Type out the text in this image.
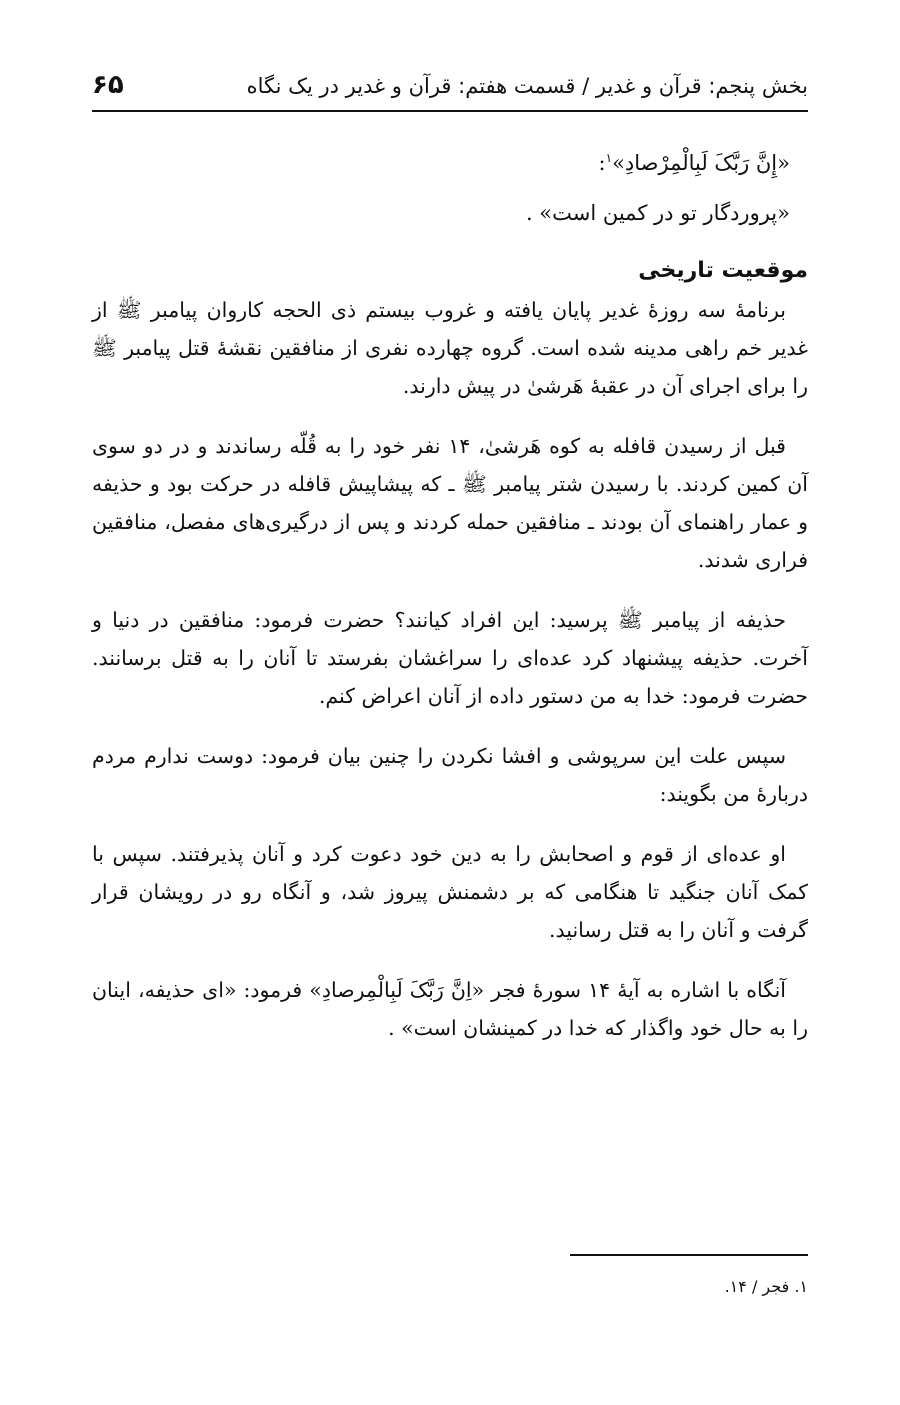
بخش پنجم: قرآن و غدیر / قسمت هفتم: قرآن و غدیر در یک نگاه
۶۵

«إِنَّ رَبَّکَ لَبِالْمِرْصادِ»$^۱$:

«پروردگار تو در کمین است» .

موقعیت تاریخی

برنامهٔ سه روزهٔ غدیر پایان یافته و غروب بیستم ذی الحجه کاروان پیامبر ﷺ از غدیر خم راهی مدینه شده است. گروه چهارده نفری از منافقین نقشهٔ قتل پیامبر ﷺ را برای اجرای آن در عقبهٔ هَرشیٰ در پیش دارند.

قبل از رسیدن قافله به کوه هَرشیٰ، ۱۴ نفر خود را به قُلّه رساندند و در دو سوی آن کمین کردند. با رسیدن شتر پیامبر ﷺ ـ که پیشاپیش قافله در حرکت بود و حذیفه و عمار راهنمای آن بودند ـ منافقین حمله کردند و پس از درگیری‌های مفصل، منافقین فراری شدند.

حذیفه از پیامبر ﷺ پرسید: این افراد کیانند؟ حضرت فرمود: منافقین در دنیا و آخرت. حذیفه پیشنهاد کرد عده‌ای را سراغشان بفرستد تا آنان را به قتل برسانند. حضرت فرمود: خدا به من دستور داده از آنان اعراض کنم.

سپس علت این سرپوشی و افشا نکردن را چنین بیان فرمود: دوست ندارم مردم دربارهٔ من بگویند:

او عده‌ای از قوم و اصحابش را به دین خود دعوت کرد و آنان پذیرفتند. سپس با کمک آنان جنگید تا هنگامی که بر دشمنش پیروز شد، و آنگاه رو در رویشان قرار گرفت و آنان را به قتل رسانید.

آنگاه با اشاره به آیهٔ ۱۴ سورهٔ فجر «اِنَّ رَبَّکَ لَبِالْمِرصادِ» فرمود: «ای حذیفه، اینان را به حال خود واگذار که خدا در کمینشان است» .

۱. فجر / ۱۴.
